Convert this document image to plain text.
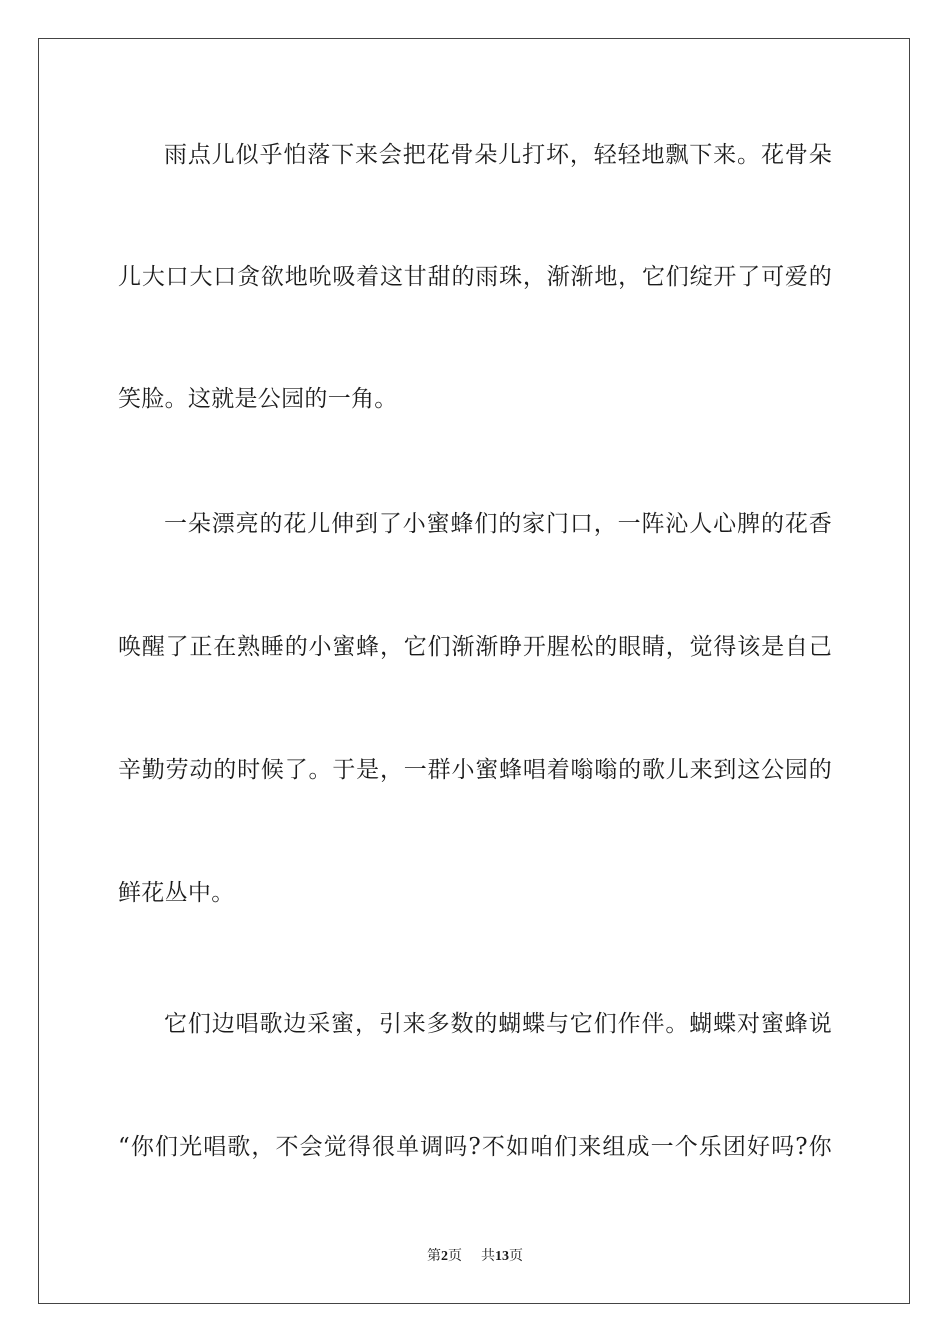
雨点儿似乎怕落下来会把花骨朵儿打坏，轻轻地飘下来。花骨朵
儿大口大口贪欲地吮吸着这甘甜的雨珠，渐渐地，它们绽开了可爱的
笑脸。这就是公园的一角。
一朵漂亮的花儿伸到了小蜜蜂们的家门口，一阵沁人心脾的花香
唤醒了正在熟睡的小蜜蜂，它们渐渐睁开腥松的眼睛，觉得该是自己
辛勤劳动的时候了。于是，一群小蜜蜂唱着嗡嗡的歌儿来到这公园的
鲜花丛中。
它们边唱歌边采蜜，引来多数的蝴蝶与它们作伴。蝴蝶对蜜蜂说
“你们光唱歌，不会觉得很单调吗?不如咱们来组成一个乐团好吗?你
第2页 共13页
